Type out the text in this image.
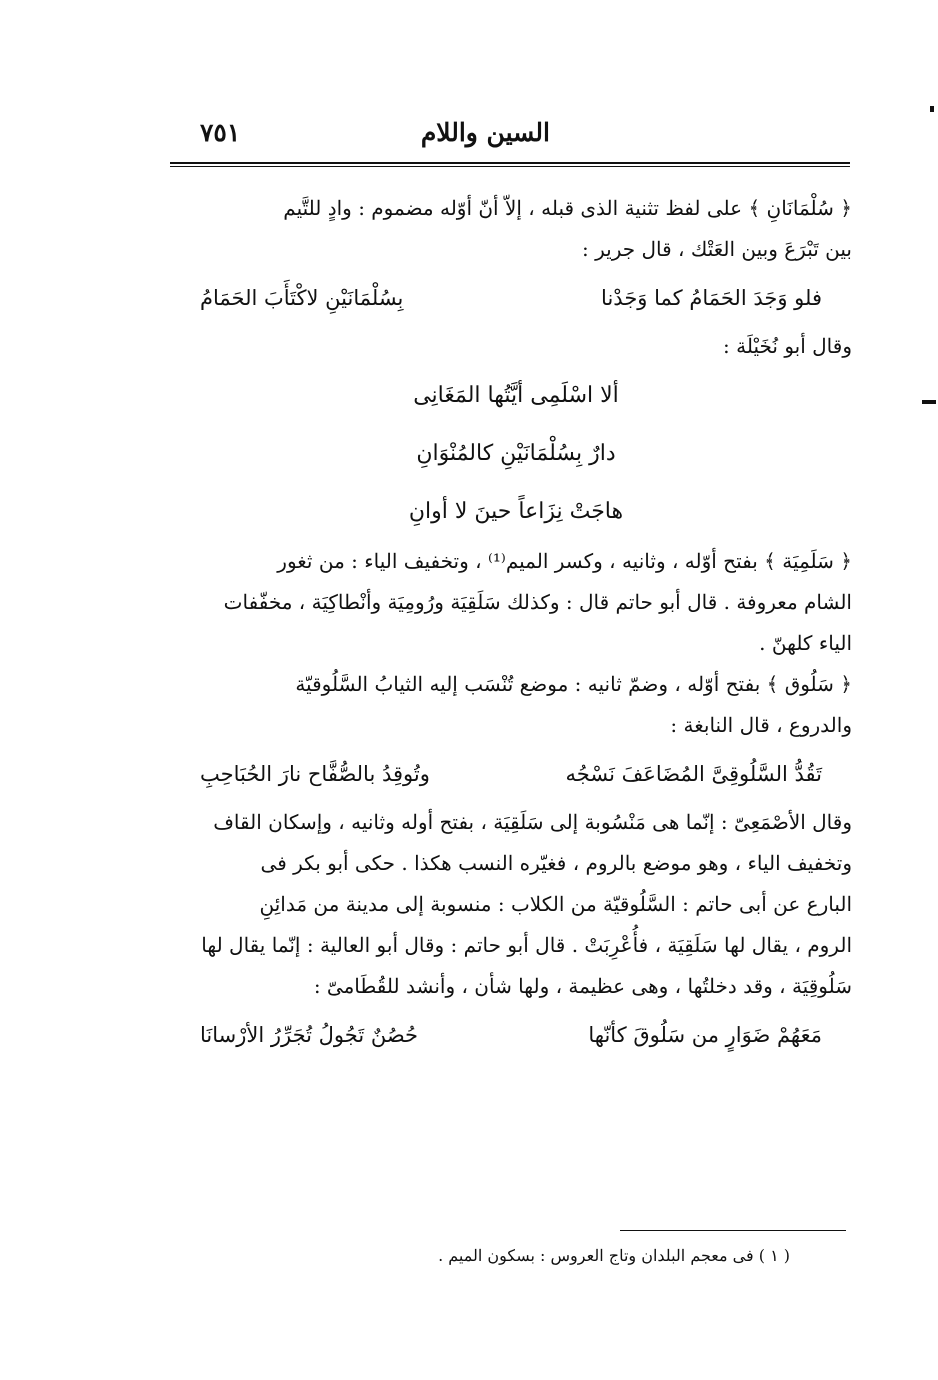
السين واللام
٧٥١

﴿ سُلْمَانَانِ ﴾ على لفظ تثنية الذى قبله ، إلاّ أنّ أوّله مضموم : وادٍ للتَّيم

بين تَبْرَعَ وبين العَتْك ، قال جرير :

فلو وَجَدَ الحَمَامُ كما وَجَدْنا
بِسُلْمَانَيْنِ لاكْتَأَبَ الحَمَامُ

وقال أبو نُخَيْلَة :

ألا اسْلَمِى أيَّتُها المَغَانِى
دارٌ بِسُلْمَانَيْنِ كالمُنْوَانِ
هاجَتْ نِزَاعاً حينَ لا أوانِ

﴿ سَلَمِيَة ﴾ بفتح أوّله ، وثانيه ، وكسر الميم⁽¹⁾ ، وتخفيف الياء : من ثغور

الشام معروفة . قال أبو حاتم قال : وكذلك سَلَقِيَة ورُومِيَة وأنْطاكِيَة ، مخفّفات

الياء كلهنّ .

﴿ سَلُوق ﴾ بفتح أوّله ، وضمّ ثانيه : موضع تُنْسَب إليه الثيابُ السَّلُوقيّة

والدروع ، قال النابغة :

تَقُدُّ السَّلُوقِىَّ المُضَاعَفَ نَسْجُه
وتُوقِدُ بالصُّفَّاح نارَ الحُبَاحِبِ

وقال الأصْمَعِىّ : إنّما هى مَنْسُوبة إلى سَلَقِيَة ، بفتح أوله وثانيه ، وإسكان القاف

وتخفيف الياء ، وهو موضع بالروم ، فغيّره النسب هكذا . حكى أبو بكر فى

البارع عن أبى حاتم : السَّلُوقيّة من الكلاب : منسوبة إلى مدينة من مَدائِنِ

الروم ، يقال لها سَلَقِيَة ، فأُعْرِبَتْ . قال أبو حاتم : وقال أبو العالية : إنّما يقال لها

سَلُوقِيَة ، وقد دخلتُها ، وهى عظيمة ، ولها شأن ، وأنشد للقُطَامىّ :

مَعَهُمْ ضَوَارٍ من سَلُوقَ كأنّها
حُصُنٌ تَجُولُ تُجَرِّرُ الأرْسانَا
( ١ ) فى معجم البلدان وتاج العروس : بسكون الميم .
